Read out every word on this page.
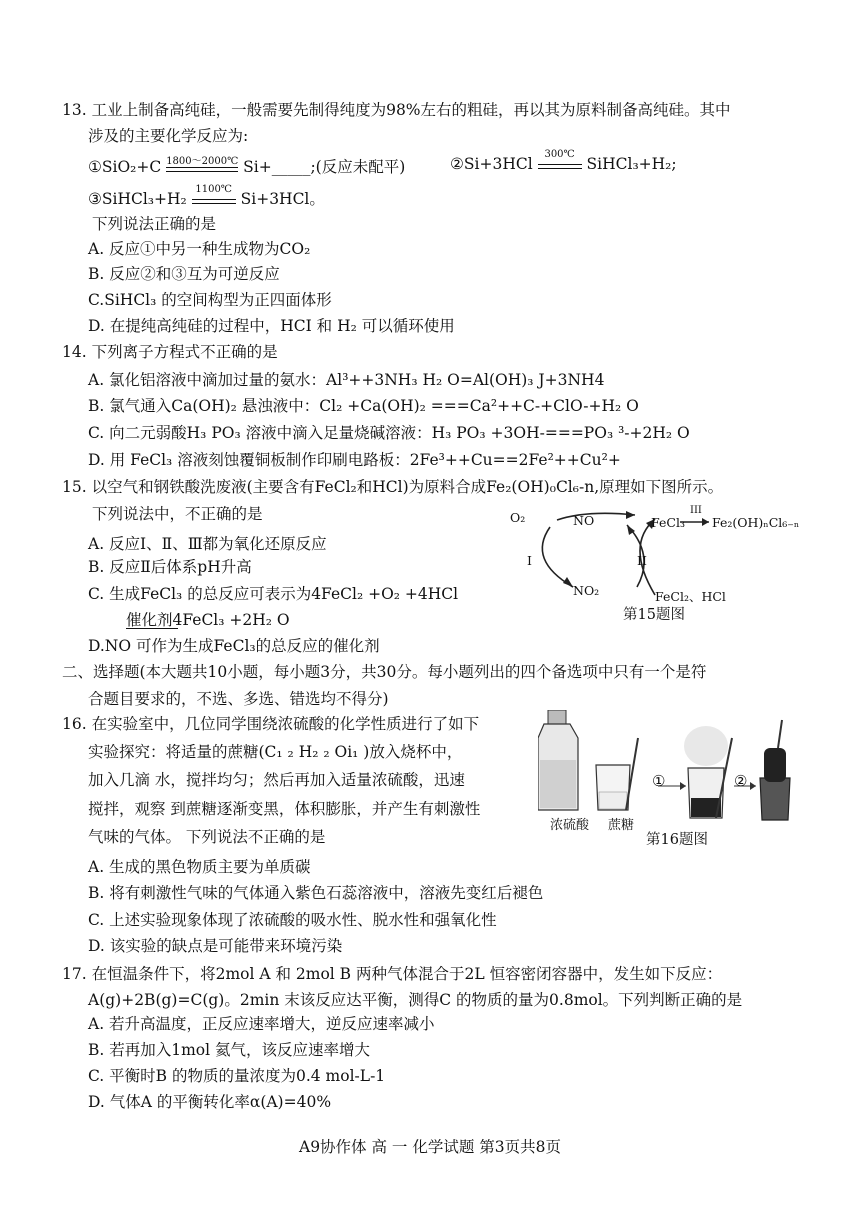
13. 工业上制备高纯硅，一般需要先制得纯度为98%左右的粗硅，再以其为原料制备高纯硅。其中
涉及的主要化学反应为:
①SiO₂+C 1800～2000℃ Si+_____;(反应未配平)	②Si+3HCl
300℃
SiHCl₃+H₂;
③SiHCl₃+H₂
1100℃
Si+3HCl。
下列说法正确的是
A. 反应①中另一种生成物为CO₂
B. 反应②和③互为可逆反应
C.SiHCl₃ 的空间构型为正四面体形
D. 在提纯高纯硅的过程中，HCI 和 H₂ 可以循环使用
14. 下列离子方程式不正确的是
A. 氯化铝溶液中滴加过量的氨水：Al³++3NH₃ H₂ O=Al(OH)₃ J+3NH4
B. 氯气通入Ca(OH)₂ 悬浊液中：Cl₂ +Ca(OH)₂ ===Ca²++C-+ClO-+H₂ O
C. 向二元弱酸H₃ PO₃ 溶液中滴入足量烧碱溶液：H₃ PO₃ +3OH-===PO₃ ³-+2H₂ O
D. 用 FeCl₃ 溶液刻蚀覆铜板制作印刷电路板：2Fe³++Cu==2Fe²++Cu²+
15. 以空气和钢铁酸洗废液(主要含有FeCl₂和HCl)为原料合成Fe₂(OH)₀Cl₆-n,原理如下图所示。
下列说法中，不正确的是
A. 反应Ⅰ、Ⅱ、Ⅲ都为氧化还原反应
B. 反应Ⅱ后体系pH升高
C. 生成FeCl₃ 的总反应可表示为4FeCl₂ +O₂ +4HCl
催化剂4FeCl₃ +2H₂ O
D.NO 可作为生成FeCl₃的总反应的催化剂
O₂	NO
NO₂
I	II
III
FeCl₃ Fe₂(OH)ₙCl₆₋ₙ
FeCl₂、HCl
第15题图
二、选择题(本大题共10小题，每小题3分，共30分。每小题列出的四个备选项中只有一个是符
合题目要求的，不选、多选、错选均不得分)
16. 在实验室中，几位同学围绕浓硫酸的化学性质进行了如下
实验探究：将适量的蔗糖(C₁ ₂ H₂ ₂ Oi₁ )放入烧杯中，
加入几滴 水，搅拌均匀；然后再加入适量浓硫酸，迅速
搅拌，观察 到蔗糖逐渐变黑，体积膨胀，并产生有刺激性
气味的气体。 下列说法不正确的是
A. 生成的黑色物质主要为单质碳
B. 将有刺激性气味的气体通入紫色石蕊溶液中，溶液先变红后褪色
C. 上述实验现象体现了浓硫酸的吸水性、脱水性和强氧化性
D. 该实验的缺点是可能带来环境污染
①	②
浓硫酸 蔗糖
第16题图
17. 在恒温条件下，将2mol A 和 2mol B 两种气体混合于2L 恒容密闭容器中，发生如下反应：
A(g)+2B(g)=C(g)。2min 末该反应达平衡，测得C 的物质的量为0.8mol。下列判断正确的是
A. 若升高温度，正反应速率增大，逆反应速率减小
B. 若再加入1mol 氦气，该反应速率增大
C. 平衡时B 的物质的量浓度为0.4 mol-L-1
D. 气体A 的平衡转化率α(A)=40%
A9协作体 高 一 化学试题 第3页共8页
